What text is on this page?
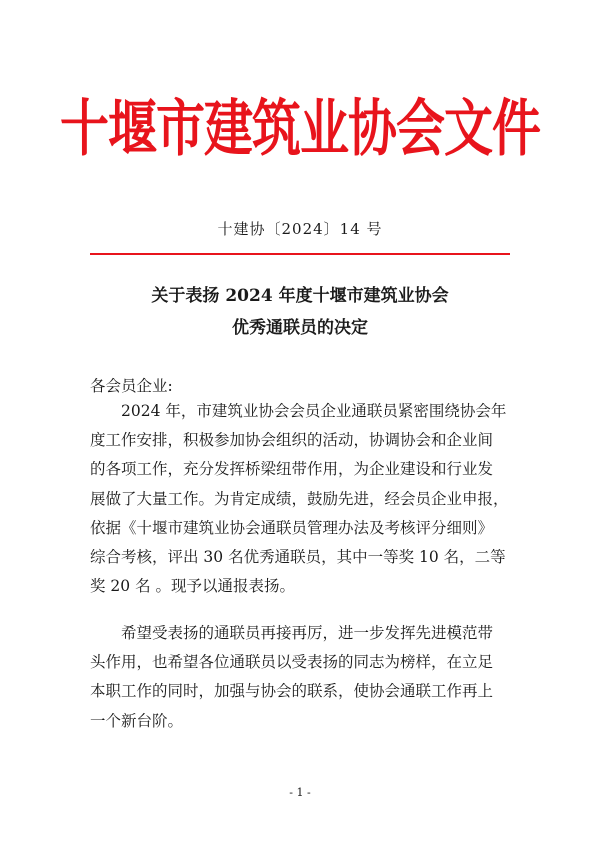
十堰市建筑业协会文件
十建协〔2024〕14 号
关于表扬 2024 年度十堰市建筑业协会
优秀通联员的决定
各会员企业:
2024 年，市建筑业协会会员企业通联员紧密围绕协会年
度工作安排，积极参加协会组织的活动，协调协会和企业间
的各项工作，充分发挥桥梁纽带作用，为企业建设和行业发
展做了大量工作。为肯定成绩，鼓励先进，经会员企业申报，
依据《十堰市建筑业协会通联员管理办法及考核评分细则》
综合考核，评出 30 名优秀通联员，其中一等奖 10 名，二等
奖 20 名 。现予以通报表扬。
希望受表扬的通联员再接再厉，进一步发挥先进模范带
头作用，也希望各位通联员以受表扬的同志为榜样，在立足
本职工作的同时，加强与协会的联系，使协会通联工作再上
一个新台阶。
- 1 -
